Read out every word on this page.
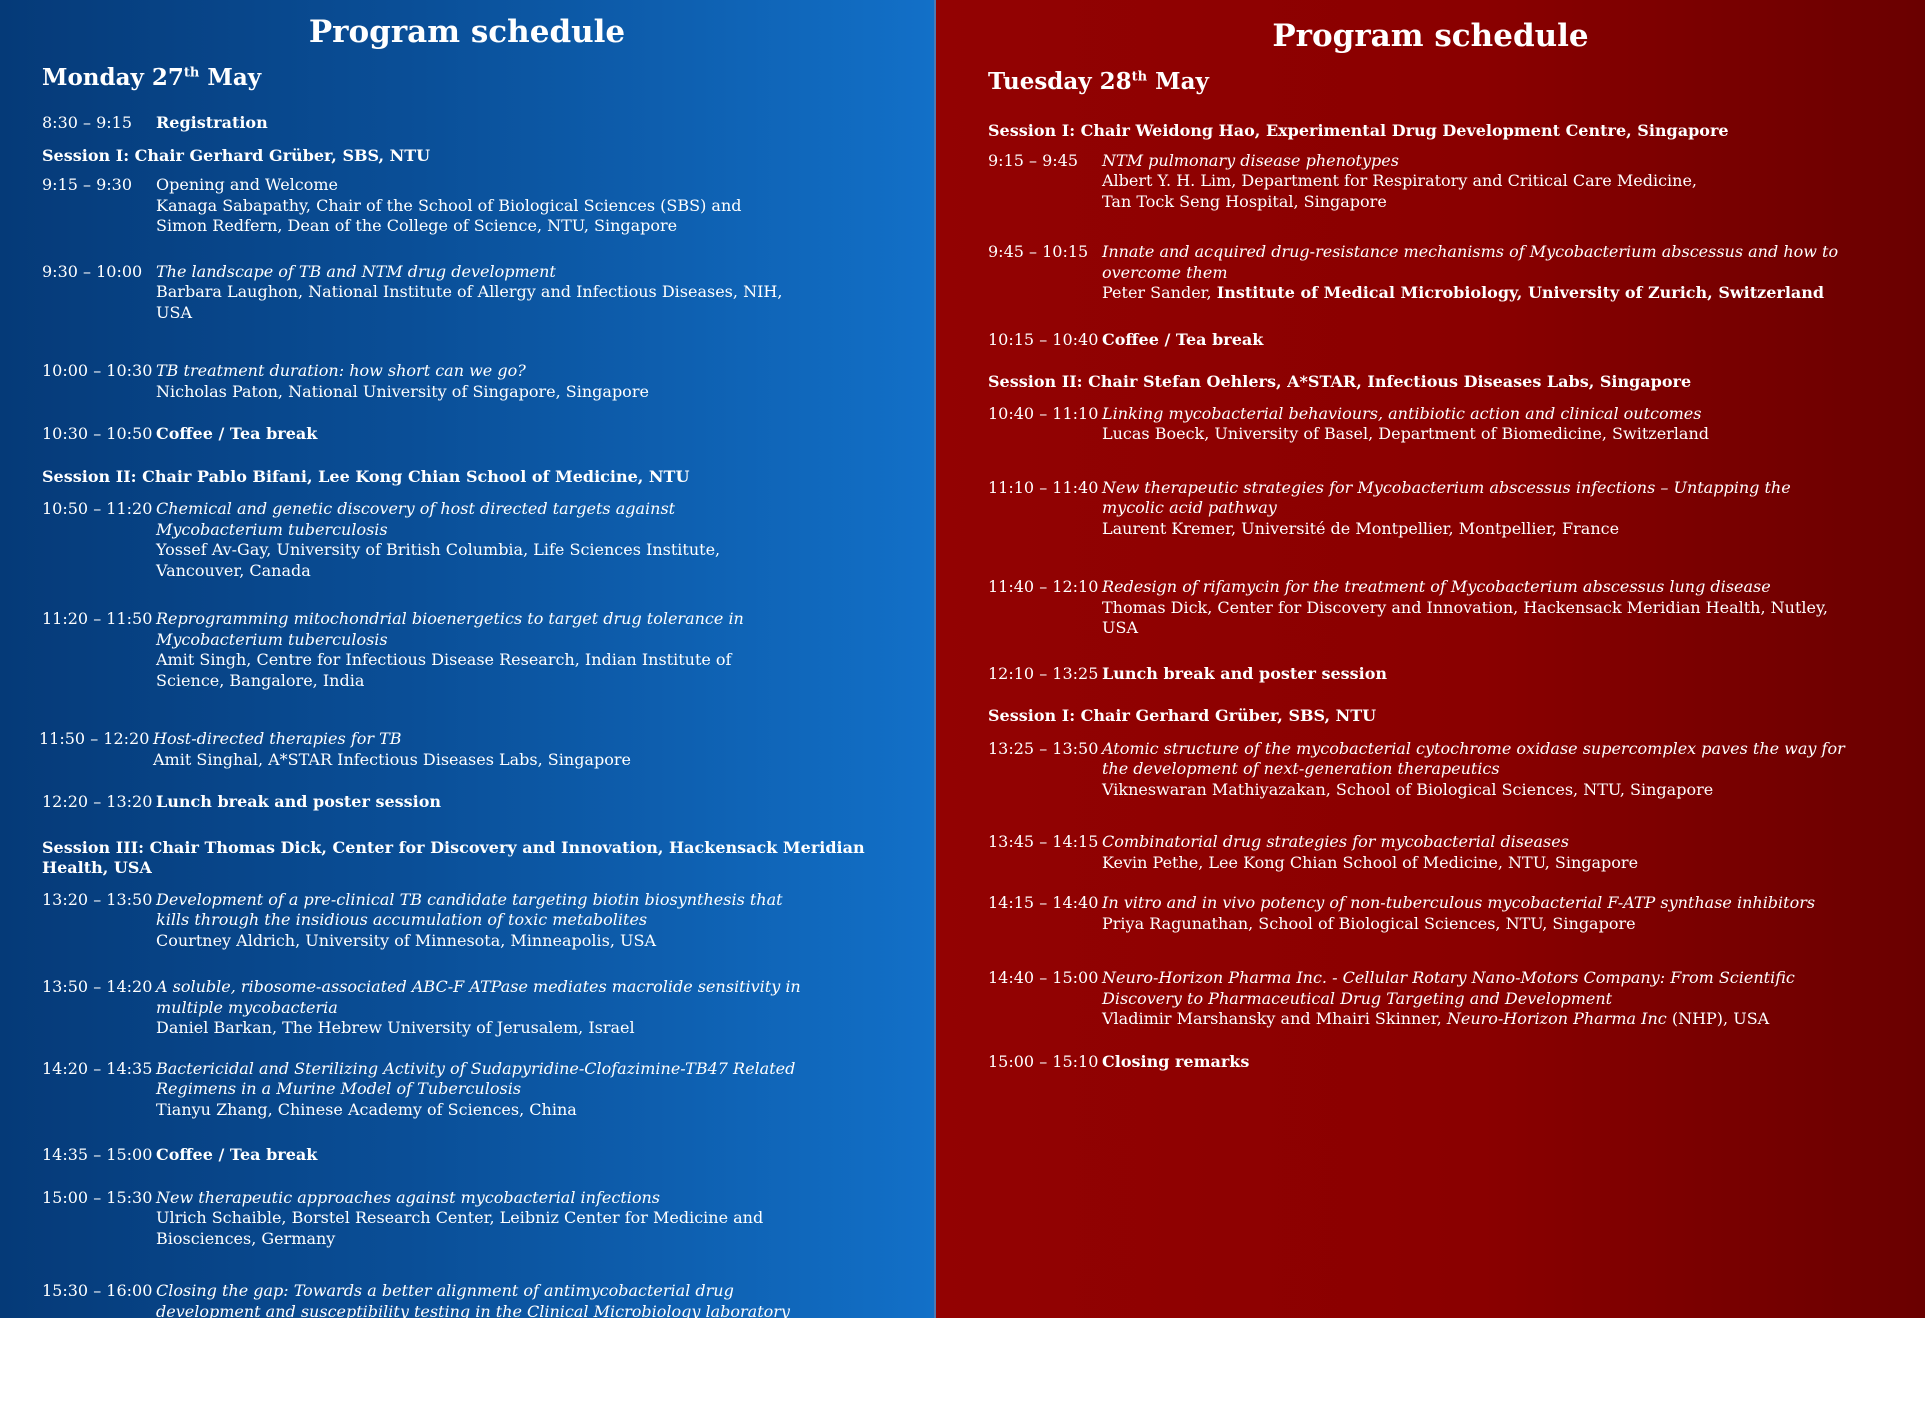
Program schedule
Monday 27th May
8:30 – 9:15	Registration
Session I: Chair Gerhard Grüber, SBS, NTU
9:15 – 9:30	Opening and Welcome
Kanaga Sabapathy, Chair of the School of Biological Sciences (SBS) and
Simon Redfern, Dean of the College of Science, NTU, Singapore
9:30 – 10:00 The landscape of TB and NTM drug development
Barbara Laughon, National Institute of Allergy and Infectious Diseases, NIH, USA
10:00 – 10:30 TB treatment duration: how short can we go?
Nicholas Paton, National University of Singapore, Singapore
10:30 – 10:50 Coffee / Tea break
Session II: Chair Pablo Bifani, Lee Kong Chian School of Medicine, NTU
10:50 – 11:20 Chemical and genetic discovery of host directed targets against Mycobacterium tuberculosis
Yossef Av-Gay, University of British Columbia, Life Sciences Institute, Vancouver, Canada
11:20 – 11:50 Reprogramming mitochondrial bioenergetics to target drug tolerance in Mycobacterium tuberculosis
Amit Singh, Centre for Infectious Disease Research, Indian Institute of Science, Bangalore, India
11:50 – 12:20 Host-directed therapies for TB
Amit Singhal, A*STAR Infectious Diseases Labs, Singapore
12:20 – 13:20 Lunch break and poster session
Session III: Chair Thomas Dick, Center for Discovery and Innovation, Hackensack Meridian Health, USA
13:20 – 13:50 Development of a pre-clinical TB candidate targeting biotin biosynthesis that kills through the insidious accumulation of toxic metabolites
Courtney Aldrich, University of Minnesota, Minneapolis, USA
13:50 – 14:20 A soluble, ribosome-associated ABC-F ATPase mediates macrolide sensitivity in multiple mycobacteria
Daniel Barkan, The Hebrew University of Jerusalem, Israel
14:20 – 14:35 Bactericidal and Sterilizing Activity of Sudapyridine-Clofazimine-TB47 Related Regimens in a Murine Model of Tuberculosis
Tianyu Zhang, Chinese Academy of Sciences, China
14:35 – 15:00 Coffee / Tea break
15:00 – 15:30 New therapeutic approaches against mycobacterial infections
Ulrich Schaible, Borstel Research Center, Leibniz Center for Medicine and Biosciences, Germany
15:30 – 16:00 Closing the gap: Towards a better alignment of antimycobacterial drug development and susceptibility testing in the Clinical Microbiology laboratory
Florian Maurer, University Medical Center Hamburg-Eppendorf, Hamburg, Germany
16:00 – 17:30 Poster session with refreshments
Program schedule
Tuesday 28th May
Session I: Chair Weidong Hao, Experimental Drug Development Centre, Singapore
9:15 – 9:45	NTM pulmonary disease phenotypes
Albert Y. H. Lim, Department for Respiratory and Critical Care Medicine,
Tan Tock Seng Hospital, Singapore
9:45 – 10:15 Innate and acquired drug-resistance mechanisms of Mycobacterium abscessus and how to overcome them
Peter Sander, Institute of Medical Microbiology, University of Zurich, Switzerland
10:15 – 10:40 Coffee / Tea break
Session II: Chair Stefan Oehlers, A*STAR, Infectious Diseases Labs, Singapore
10:40 – 11:10 Linking mycobacterial behaviours, antibiotic action and clinical outcomes
Lucas Boeck, University of Basel, Department of Biomedicine, Switzerland
11:10 – 11:40 New therapeutic strategies for Mycobacterium abscessus infections – Untapping the mycolic acid pathway
Laurent Kremer, Université de Montpellier, Montpellier, France
11:40 – 12:10 Redesign of rifamycin for the treatment of Mycobacterium abscessus lung disease
Thomas Dick, Center for Discovery and Innovation, Hackensack Meridian Health, Nutley, USA
12:10 – 13:25 Lunch break and poster session
Session I: Chair Gerhard Grüber, SBS, NTU
13:25 – 13:50 Atomic structure of the mycobacterial cytochrome oxidase supercomplex paves the way for the development of next-generation therapeutics
Vikneswaran Mathiyazakan, School of Biological Sciences, NTU, Singapore
13:45 – 14:15 Combinatorial drug strategies for mycobacterial diseases
Kevin Pethe, Lee Kong Chian School of Medicine, NTU, Singapore
14:15 – 14:40 In vitro and in vivo potency of non-tuberculous mycobacterial F-ATP synthase inhibitors
Priya Ragunathan, School of Biological Sciences, NTU, Singapore
14:40 – 15:00 Neuro-Horizon Pharma Inc. - Cellular Rotary Nano-Motors Company: From Scientific Discovery to Pharmaceutical Drug Targeting and Development
Vladimir Marshansky and Mhairi Skinner, Neuro-Horizon Pharma Inc (NHP), USA
15:00 – 15:10 Closing remarks
